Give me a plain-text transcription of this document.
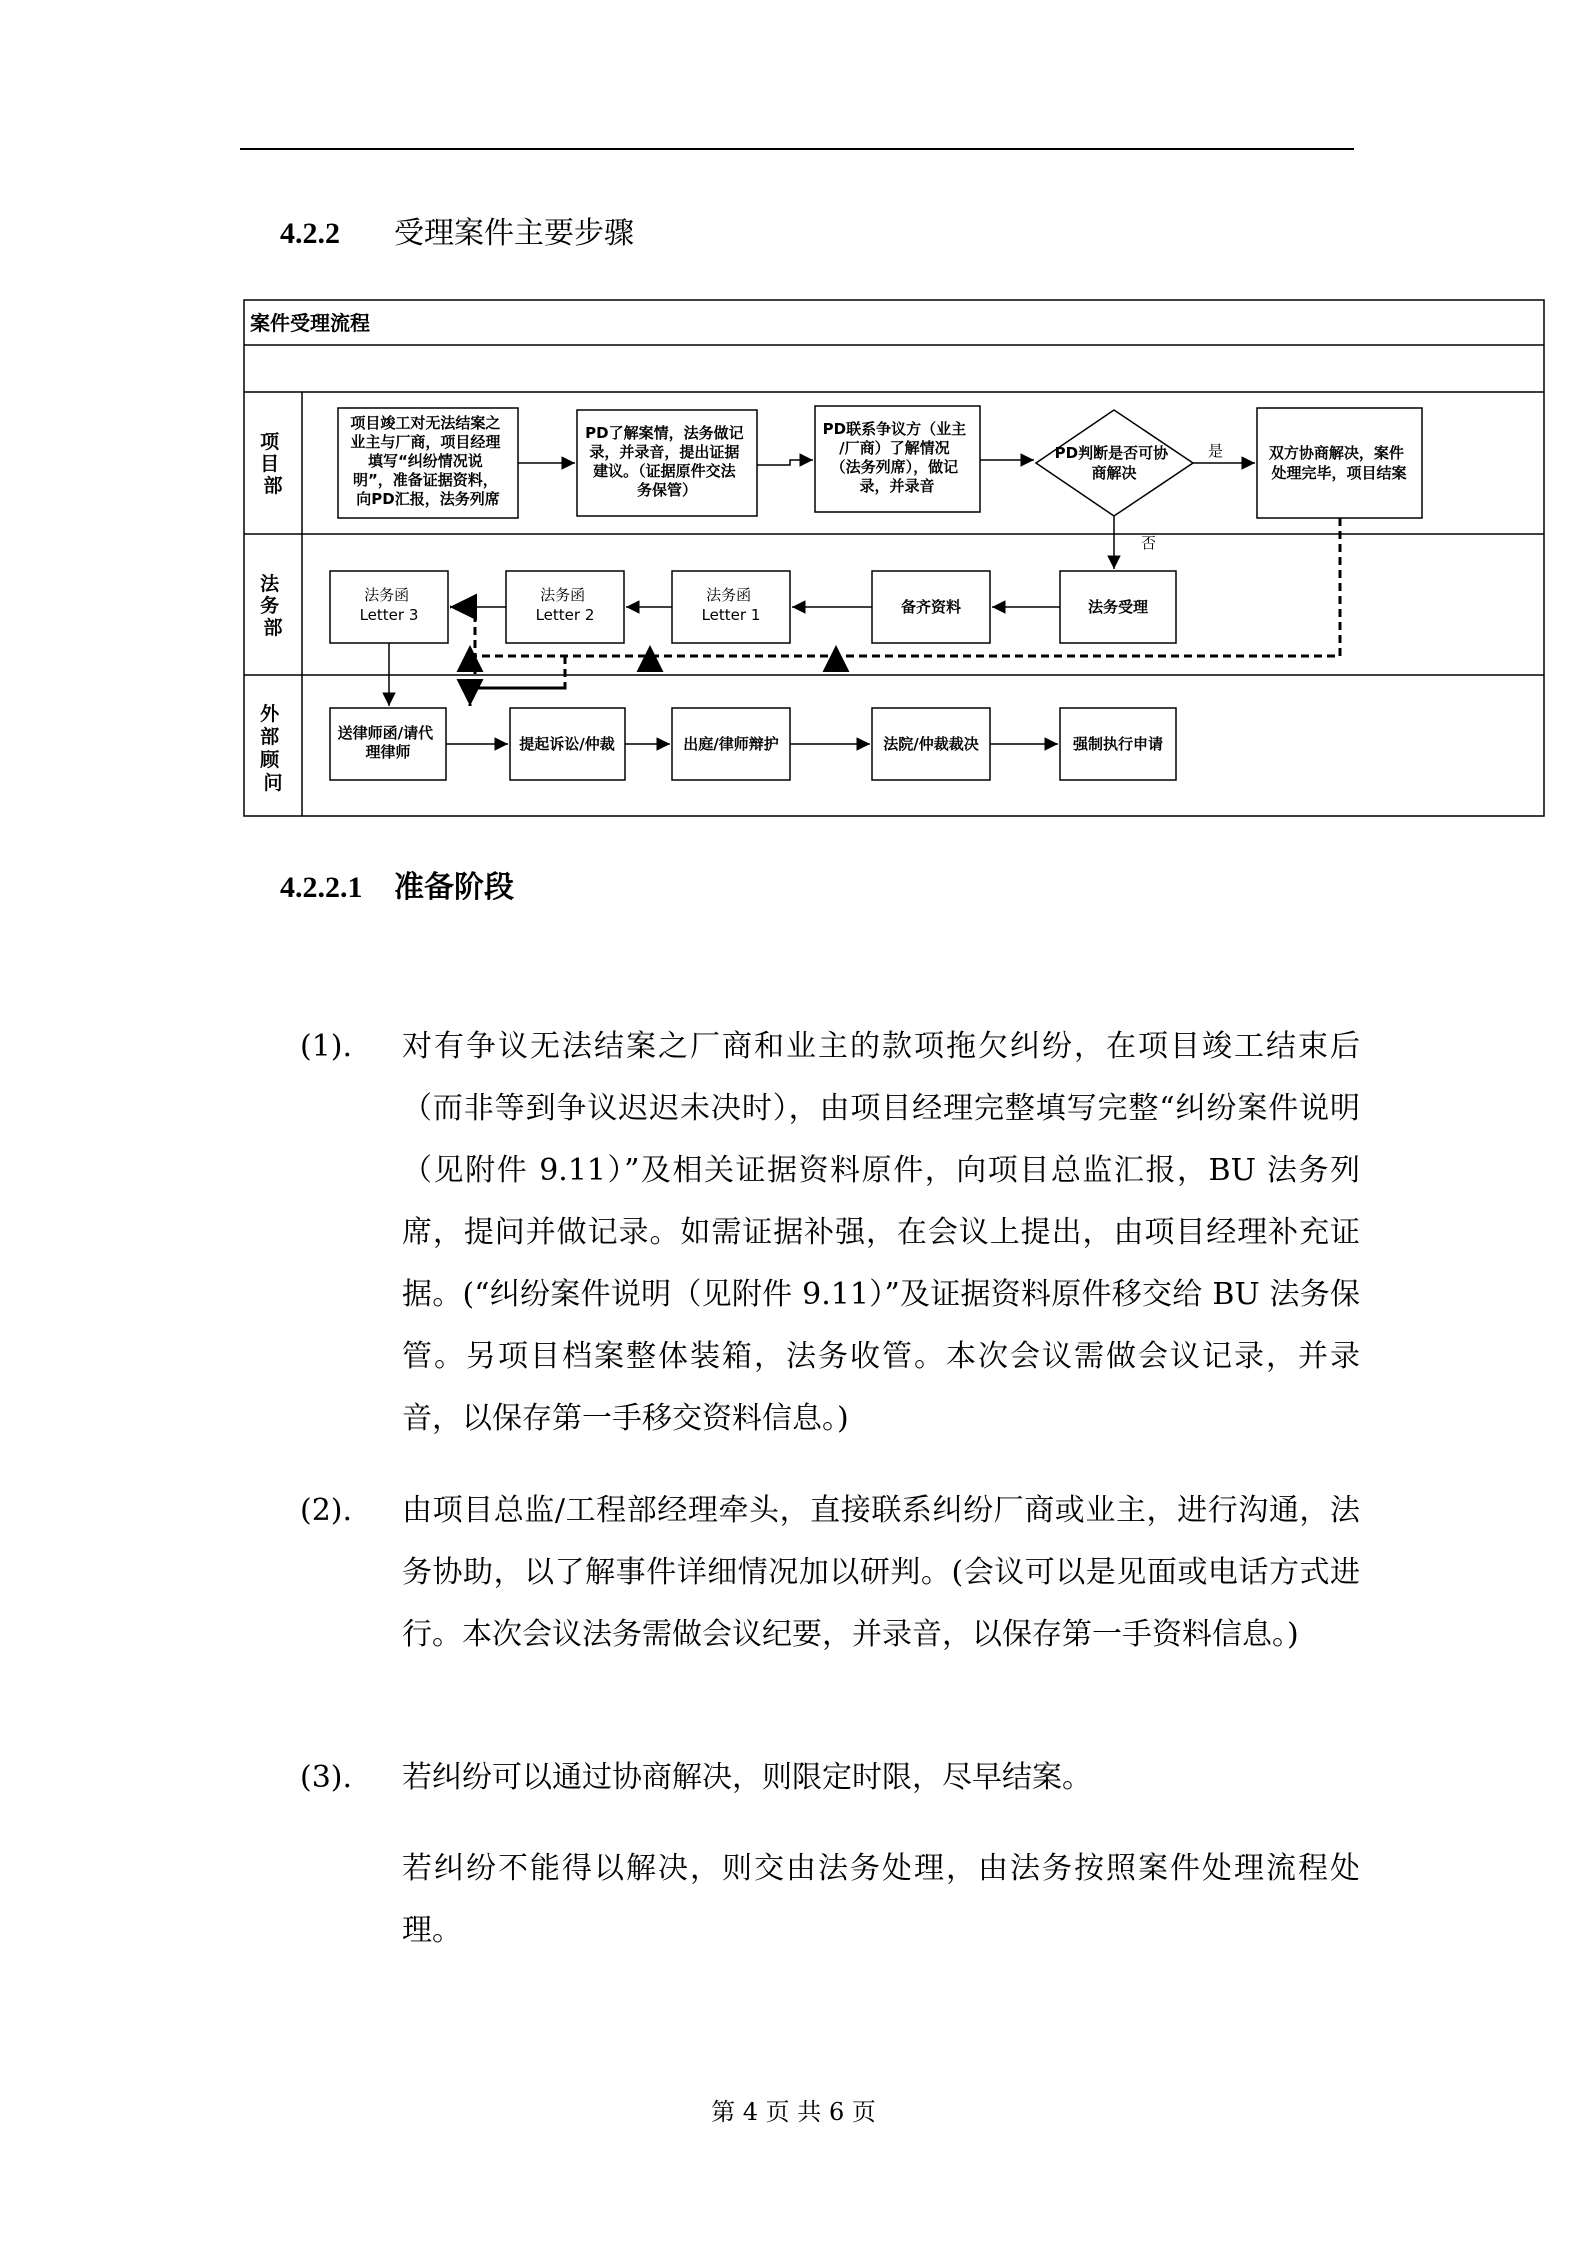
4.2.2 受理案件主要步骤
案件受理流程
项 目 部
法 务 部
外 部 顾 问
项目竣工对无法结案之 业主与厂商，项目经理 填写“纠纷情况说 明”，准备证据资料， 向PD汇报，法务列席
PD了解案情，法务做记 录，并录音，提出证据 建议。（证据原件交法 务保管）
PD联系争议方（业主 /厂商）了解情况 （法务列席），做记 录，并录音
PD判断是否可协 商解决
双方协商解决，案件 处理完毕，项目结案
法务受理
备齐资料
法务函 Letter 1
法务函 Letter 2
法务函 Letter 3
送律师函/请代 理律师	提起诉讼/仲裁	出庭/律师辩护	法院/仲裁裁决	强制执行申请
是
否
4.2.2.1 准备阶段
(1).	对有争议无法结案之厂商和业主的款项拖欠纠纷，在项目竣工结束后（而非等到争议迟迟未决时），由项目经理完整填写完整“纠纷案件说明（见附件 9.11）”及相关证据资料原件，向项目总监汇报，BU 法务列席，提问并做记录。如需证据补强，在会议上提出，由项目经理补充证据。(“纠纷案件说明（见附件 9.11）”及证据资料原件移交给 BU 法务保管。另项目档案整体装箱，法务收管。本次会议需做会议记录，并录音，以保存第一手移交资料信息。)
(2).	由项目总监/工程部经理牵头，直接联系纠纷厂商或业主，进行沟通，法务协助，以了解事件详细情况加以研判。(会议可以是见面或电话方式进行。本次会议法务需做会议纪要，并录音，以保存第一手资料信息。)
(3).	若纠纷可以通过协商解决，则限定时限，尽早结案。
若纠纷不能得以解决，则交由法务处理，由法务按照案件处理流程处理。
第 4 页 共 6 页
